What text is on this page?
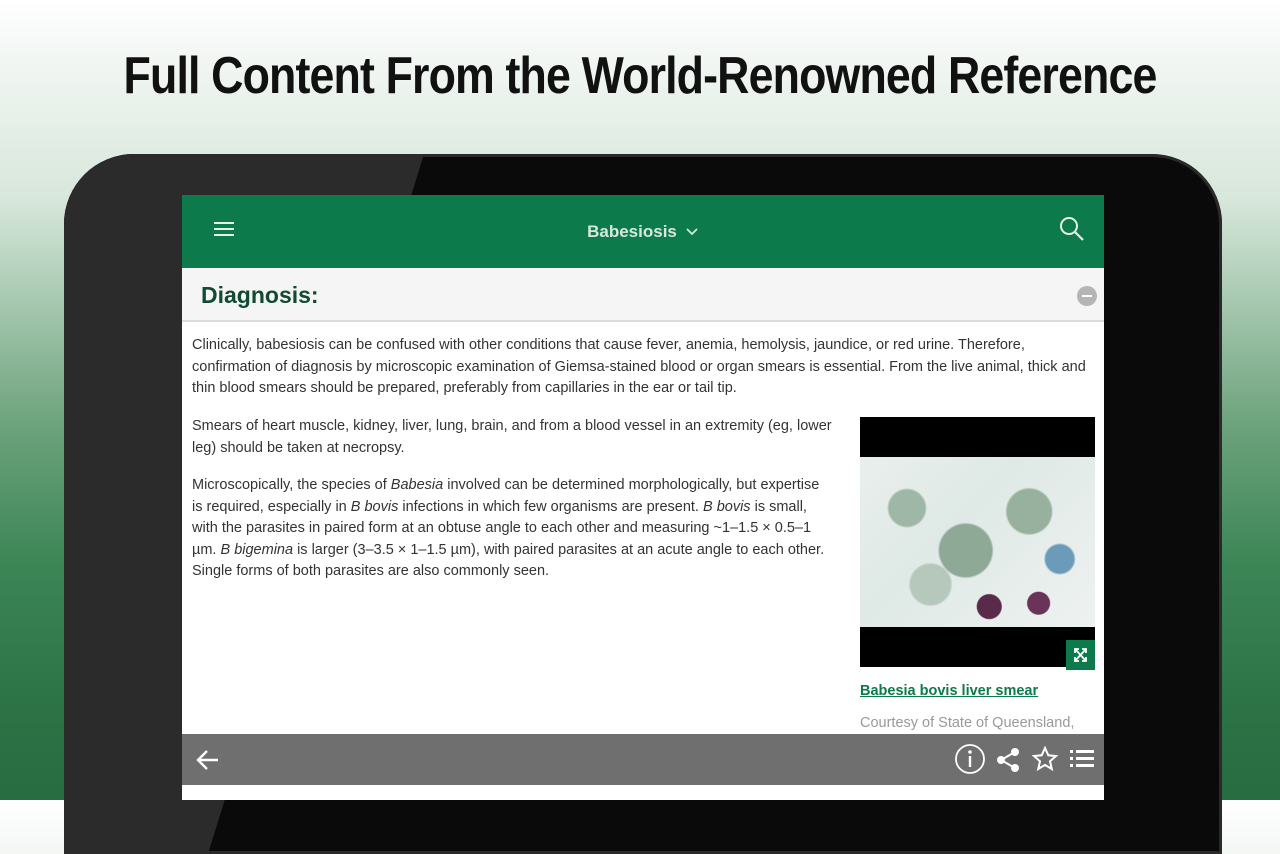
Full Content From the World-Renowned Reference
Babesiosis
Diagnosis:

Clinically, babesiosis can be confused with other conditions that cause fever, anemia, hemolysis, jaundice, or red urine. Therefore, confirmation of diagnosis by microscopic examination of Giemsa-stained blood or organ smears is essential. From the live animal, thick and thin blood smears should be prepared, preferably from capillaries in the ear or tail tip.

Smears of heart muscle, kidney, liver, lung, brain, and from a blood vessel in an extremity (eg, lower leg) should be taken at necropsy.

Microscopically, the species of Babesia involved can be determined morphologically, but expertise is required, especially in B bovis infections in which few organisms are present. B bovis is small, with the parasites in paired form at an obtuse angle to each other and measuring ~1–1.5 × 0.5–1 µm. B bigemina is larger (3–3.5 × 1–1.5 µm), with paired parasites at an acute angle to each other. Single forms of both parasites are also commonly seen.

Babesia bovis liver smear
Courtesy of State of Queensland,
